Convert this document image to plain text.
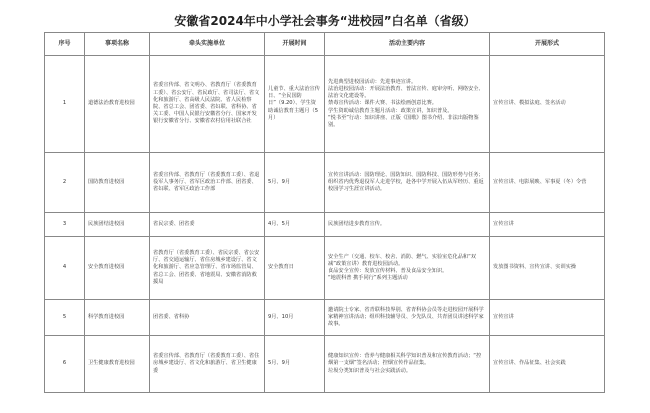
安徽省2024年中小学社会事务“进校园”白名单（省级）
序号	事项名称	牵头实施单位	开展时间	活动主要内容	开展形式
1	道德法治教育进校园	省委宣传部、省文明办、省教育厅（省委教育工委）、省公安厅、省民政厅、省司法厅、省文化和旅游厅、省高级人民法院、省人民检察院、省总工会、团省委、省妇联、省科协、省关工委、中国人民银行安徽省分行、国家开发银行安徽省分行、安徽省农村信用社联合社	儿童节、重大法治宣传日、“全民国防日”（9.20）、学生资助诚信教育主题月（5月）	先进典型进校园活动：先进事迹宣讲。
法治进校园活动：开展法治教育、普法宣传、庭审旁听、网络安全、法治文化建设等。
禁毒宣传活动：课件大赛、书法绘画创意比赛。
学生资助诚信教育主题月活动：政策宣讲，知识普及。
“悦书至”行动：知识讲座、正版《国歌》图书介绍、非法出版物鉴别。	宣传宣讲、模拟法庭、签名活动
2	国防教育进校园	省委宣传部、省教育厅（省委教育工委）、省退役军人事务厅、省军区政治工作部、团省委、省妇联、省军区政治工作部	5月、9月	宣传宣讲活动：国防理论、国防知识、国防科技、国防形势与任务；组织省内优秀退役军人走进学校，赴各中学开展入伍从军经历、重返校园学习生涯宣讲活动。	宣传宣讲、电影展映、军事夏（冬）令营
3	民族团结进校园	省民宗委、团省委	4月、5月	民族团结进步教育宣传。	宣传宣讲
4	安全教育进校园	省教育厅（省委教育工委）、省民宗委、省公安厅、省交通运输厅、省住房城乡建设厅、省文化和旅游厅、省应急管理厅、省市场监管局、省总工会、团省委、省地震局、安徽省消防救援局	安全教育日	安全生产（交通、校车、校舍、消防、燃气、实验室危化品和“双减”政策宣讲）教育进校园活动。
食品安全宣传：发放宣传材料、普及食品安全知识。
“地震科普 携手同行”系列主题活动	发放图书资料、宣传宣讲、实训实操
5	科学教育进校园	团省委、省科协	9月、10月	邀请院士专家、省青联科技界别、省青科协会员等走进校园开展科学家精神宣讲活动；组织科技辅导员、少先队员、共青团员讲述科学家故事。	宣传宣讲
6	卫生健康教育进校园	省委宣传部、省教育厅（省委教育工委）、省住房城乡建设厅、省文化和旅游厅、省卫生健康委	5月、9月	健康知识宣传：营养与健康相关科学知识普及和宣传教育活动；“控烟第一支烟”签名活动；控烟宣传作品征集。
垃圾分类知识普及与社会实践活动。	宣传宣讲、作品征集、社会实践
